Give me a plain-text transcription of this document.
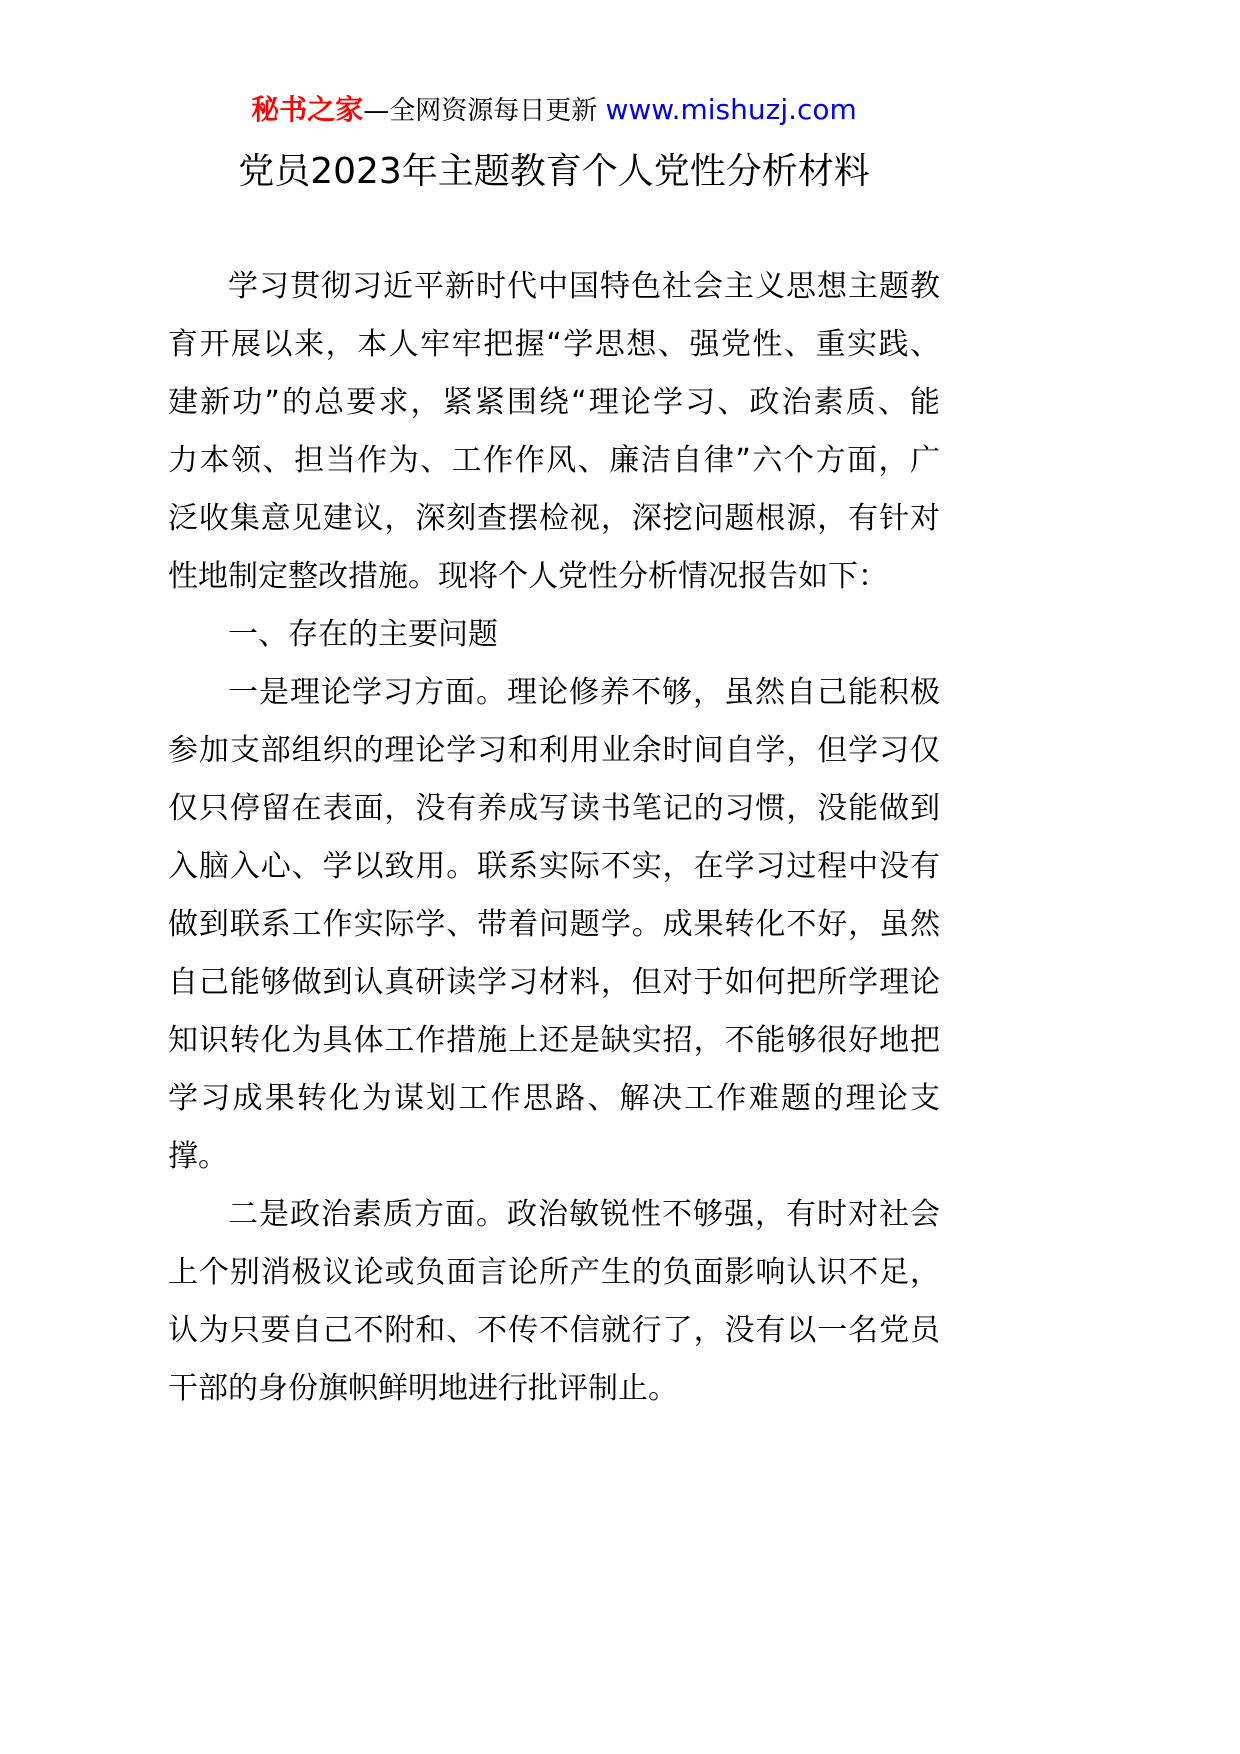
秘书之家—全网资源每日更新 www.mishuzj.com
党员2023年主题教育个人党性分析材料
学习贯彻习近平新时代中国特色社会主义思想主题教
育开展以来，本人牢牢把握“学思想、强党性、重实践、
建新功”的总要求，紧紧围绕“理论学习、政治素质、能
力本领、担当作为、工作作风、廉洁自律”六个方面，广
泛收集意见建议，深刻查摆检视，深挖问题根源，有针对
性地制定整改措施。现将个人党性分析情况报告如下：
一、存在的主要问题
一是理论学习方面。理论修养不够，虽然自己能积极
参加支部组织的理论学习和利用业余时间自学，但学习仅
仅只停留在表面，没有养成写读书笔记的习惯，没能做到
入脑入心、学以致用。联系实际不实，在学习过程中没有
做到联系工作实际学、带着问题学。成果转化不好，虽然
自己能够做到认真研读学习材料，但对于如何把所学理论
知识转化为具体工作措施上还是缺实招，不能够很好地把
学习成果转化为谋划工作思路、解决工作难题的理论支
撑。
二是政治素质方面。政治敏锐性不够强，有时对社会
上个别消极议论或负面言论所产生的负面影响认识不足，
认为只要自己不附和、不传不信就行了，没有以一名党员
干部的身份旗帜鲜明地进行批评制止。
